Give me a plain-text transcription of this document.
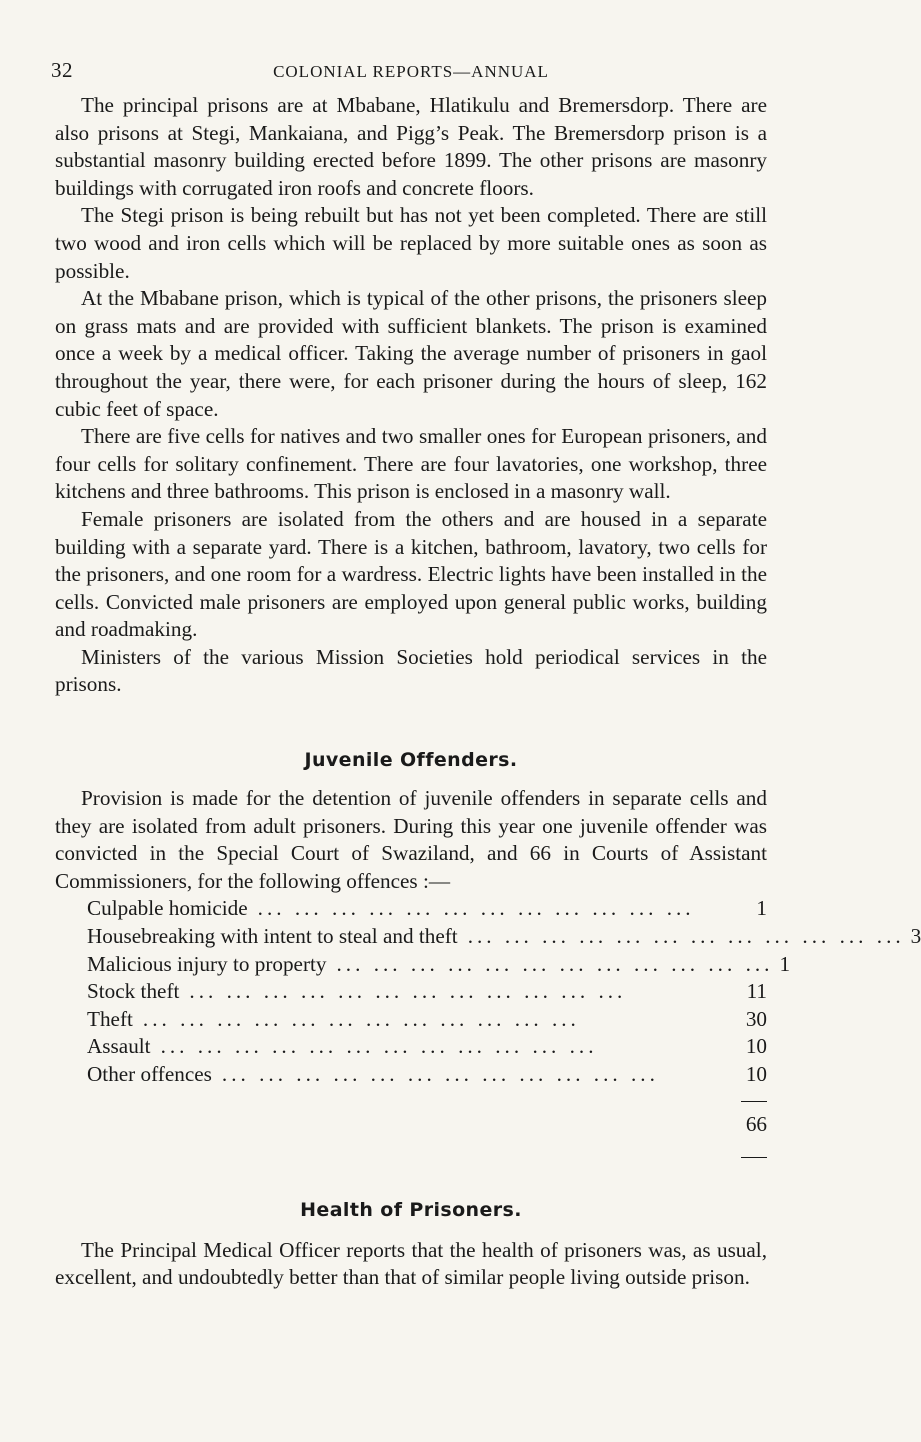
32	COLONIAL REPORTS—ANNUAL

The principal prisons are at Mbabane, Hlatikulu and Bremersdorp. There are also prisons at Stegi, Mankaiana, and Pigg’s Peak. The Bremersdorp prison is a substantial masonry building erected before 1899. The other prisons are masonry buildings with corrugated iron roofs and concrete floors.

The Stegi prison is being rebuilt but has not yet been completed. There are still two wood and iron cells which will be replaced by more suitable ones as soon as possible.

At the Mbabane prison, which is typical of the other prisons, the prisoners sleep on grass mats and are provided with sufficient blankets. The prison is examined once a week by a medical officer. Taking the average number of prisoners in gaol throughout the year, there were, for each prisoner during the hours of sleep, 162 cubic feet of space.

There are five cells for natives and two smaller ones for European prisoners, and four cells for solitary confinement. There are four lavatories, one workshop, three kitchens and three bathrooms. This prison is enclosed in a masonry wall.

Female prisoners are isolated from the others and are housed in a separate building with a separate yard. There is a kitchen, bathroom, lavatory, two cells for the prisoners, and one room for a wardress. Electric lights have been installed in the cells. Convicted male prisoners are employed upon general public works, building and roadmaking.

Ministers of the various Mission Societies hold periodical services in the prisons.

Juvenile Offenders.

Provision is made for the detention of juvenile offenders in separate cells and they are isolated from adult prisoners. During this year one juvenile offender was convicted in the Special Court of Swaziland, and 66 in Courts of Assistant Commissioners, for the following offences :—

Culpable homicide ... ... ... ... ... ... ... ... ... ... ... ...	1
Housebreaking with intent to steal and theft ... ... ... ... ... ... ... ... ... ... ... ... 3
Malicious injury to property ... ... ... ... ... ... ... ... ... ... ... ... 1
Stock theft ... ... ... ... ... ... ... ... ... ... ... ...	11
Theft ... ... ... ... ... ... ... ... ... ... ... ...	30
Assault ... ... ... ... ... ... ... ... ... ... ... ...	10
Other offences ... ... ... ... ... ... ... ... ... ... ... ...	10
66
Health of Prisoners.

The Principal Medical Officer reports that the health of prisoners was, as usual, excellent, and undoubtedly better than that of similar people living outside prison.
